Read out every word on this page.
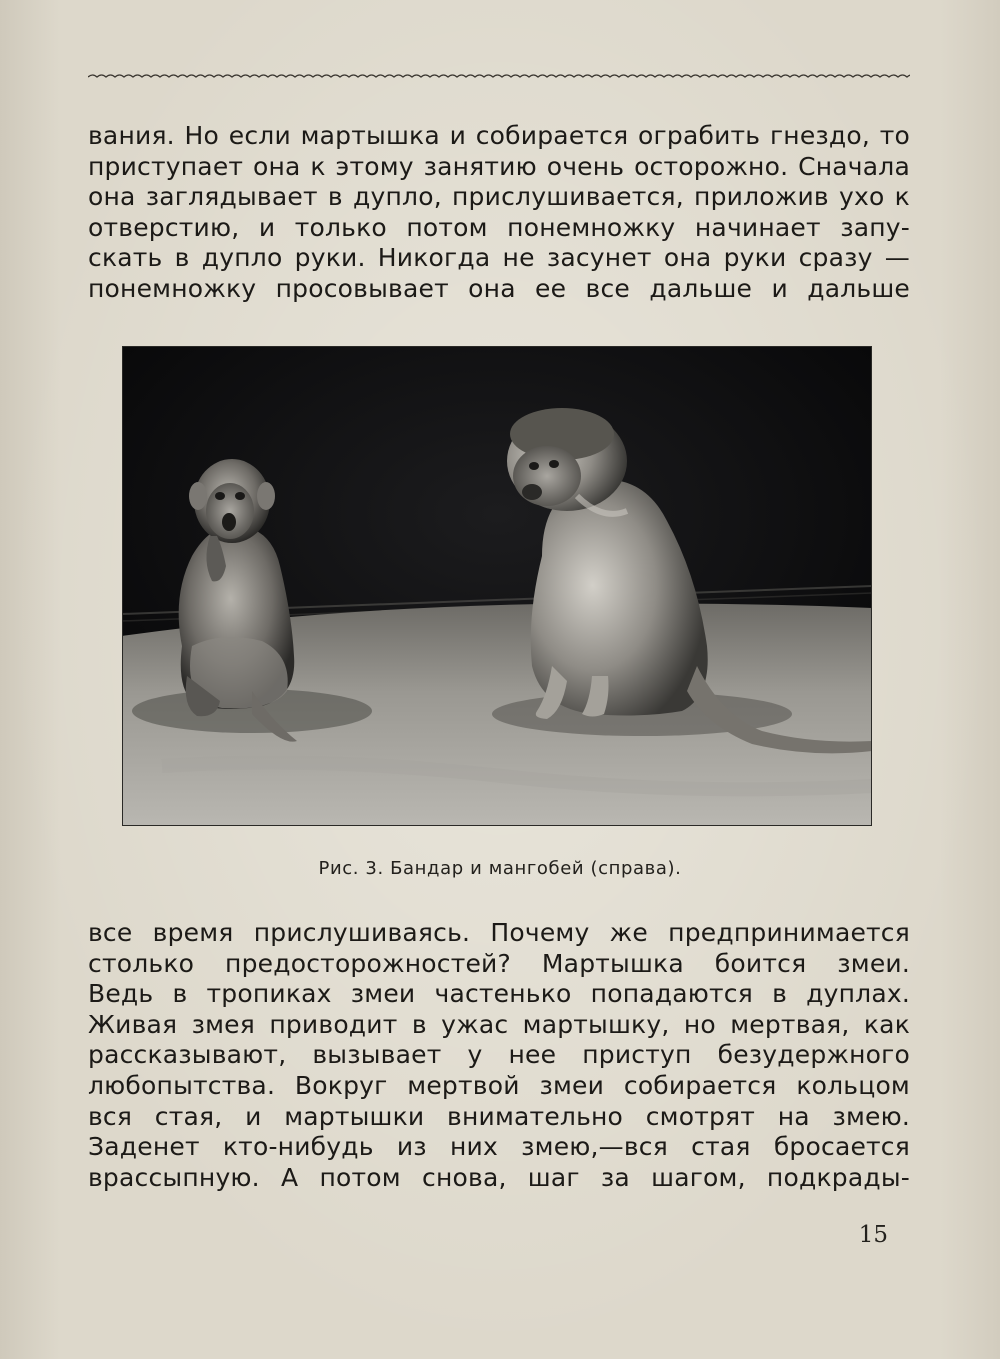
вания. Но если мартышка и собирается ограбить гнездо, то
приступает она к этому занятию очень осторожно. Сначала
она заглядывает в дупло, прислушивается, приложив ухо к
отверстию, и только потом понемножку начинает запу-
скать в дупло руки. Никогда не засунет она руки сразу —
понемножку просовывает она ее все дальше и дальше
Рис. 3. Бандар и мангобей (справа).
все время прислушиваясь. Почему же предпринимается
столько предосторожностей? Мартышка боится змеи.
Ведь в тропиках змеи частенько попадаются в дуплах.
Живая змея приводит в ужас мартышку, но мертвая, как
рассказывают, вызывает у нее приступ безудержного
любопытства. Вокруг мертвой змеи собирается кольцом
вся стая, и мартышки внимательно смотрят на змею.
Заденет кто-нибудь из них змею,—вся стая бросается
врассыпную. А потом снова, шаг за шагом, подкрады-
15
